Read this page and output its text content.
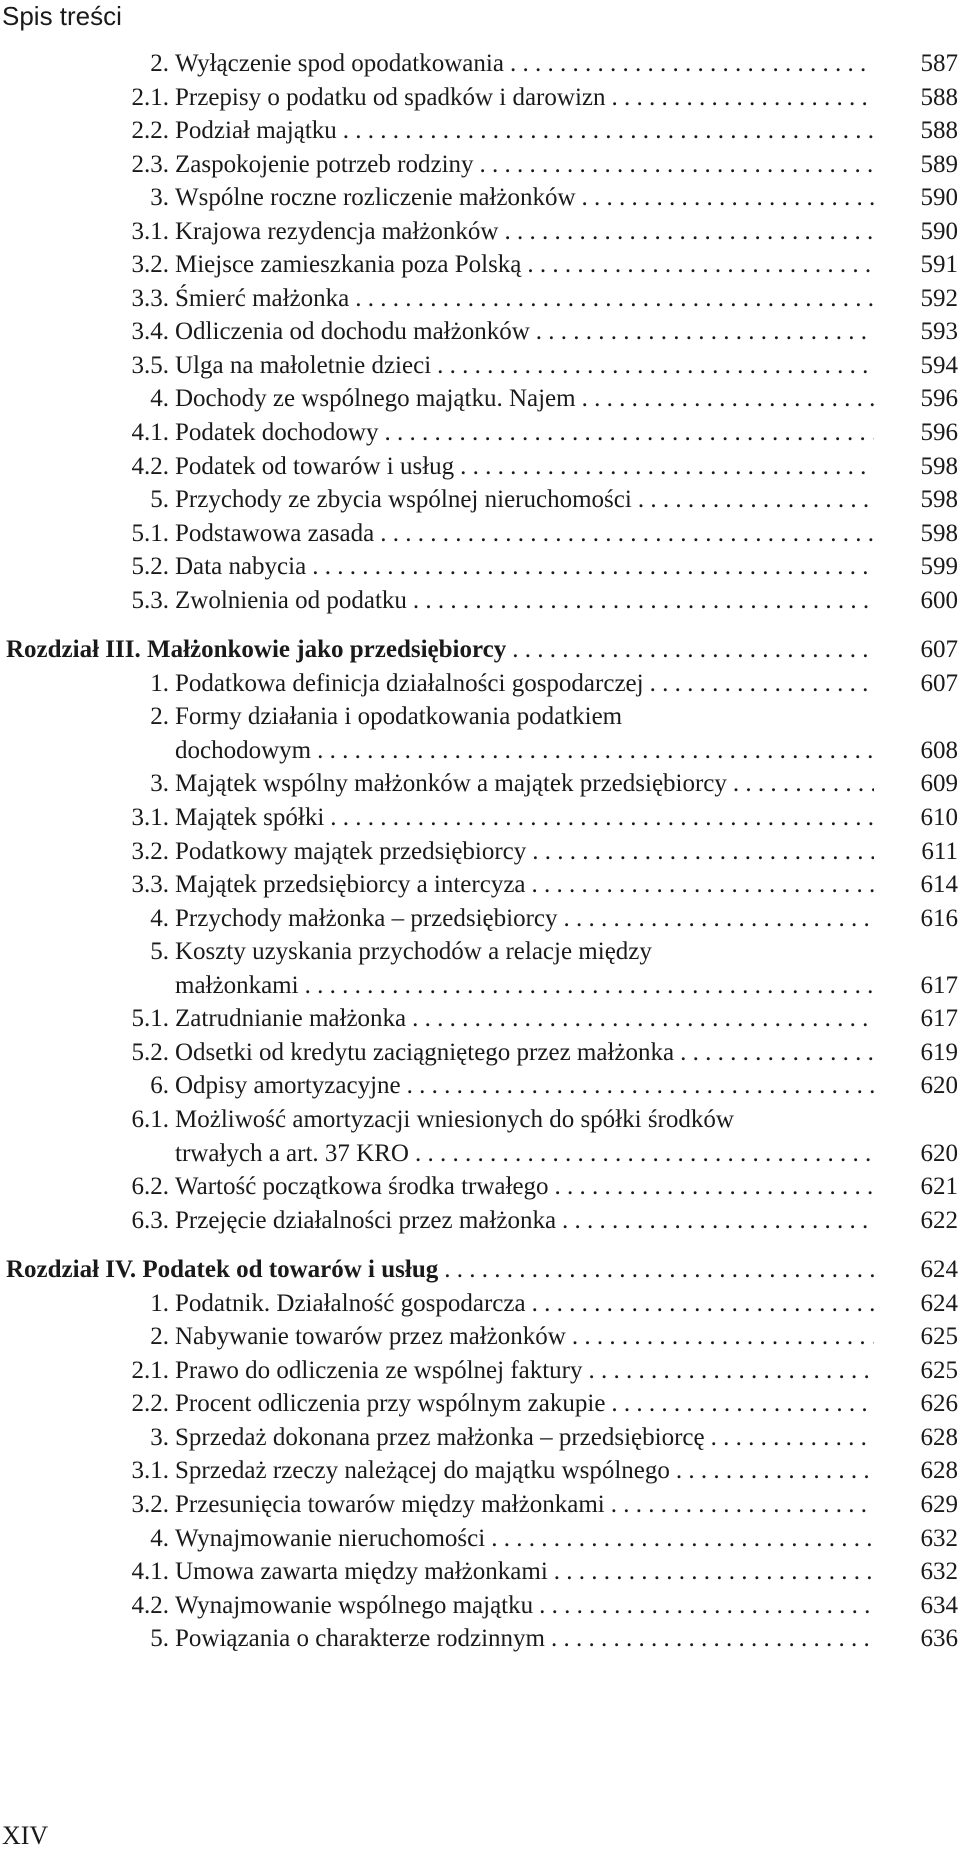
Spis treści
2. Wyłączenie spod opodatkowania . . .	587
2.1. Przepisy o podatku od spadków i darowizn . . .	588
2.2. Podział majątku . . .	588
2.3. Zaspokojenie potrzeb rodziny . . .	589
3. Wspólne roczne rozliczenie małżonków . . .	590
3.1. Krajowa rezydencja małżonków . . .	590
3.2. Miejsce zamieszkania poza Polską . . .	591
3.3. Śmierć małżonka . . .	592
3.4. Odliczenia od dochodu małżonków . . .	593
3.5. Ulga na małoletnie dzieci . . .	594
4. Dochody ze wspólnego majątku. Najem . . .	596
4.1. Podatek dochodowy . . .	596
4.2. Podatek od towarów i usług . . .	598
5. Przychody ze zbycia wspólnej nieruchomości . . .	598
5.1. Podstawowa zasada . . .	598
5.2. Data nabycia . . .	599
5.3. Zwolnienia od podatku . . .	600
Rozdział III. Małżonkowie jako przedsiębiorcy . . .	607
1. Podatkowa definicja działalności gospodarczej . . .	607
2. Formy działania i opodatkowania podatkiem
dochodowym . . .	608
3. Majątek wspólny małżonków a majątek przedsiębiorcy . . .	609
3.1. Majątek spółki . . .	610
3.2. Podatkowy majątek przedsiębiorcy . . .	611
3.3. Majątek przedsiębiorcy a intercyza . . .	614
4. Przychody małżonka – przedsiębiorcy . . .	616
5. Koszty uzyskania przychodów a relacje między
małżonkami . . .	617
5.1. Zatrudnianie małżonka . . .	617
5.2. Odsetki od kredytu zaciągniętego przez małżonka . . .	619
6. Odpisy amortyzacyjne . . .	620
6.1. Możliwość amortyzacji wniesionych do spółki środków
trwałych a art. 37 KRO . . .	620
6.2. Wartość początkowa środka trwałego . . .	621
6.3. Przejęcie działalności przez małżonka . . .	622
Rozdział IV. Podatek od towarów i usług . . .	624
1. Podatnik. Działalność gospodarcza . . .	624
2. Nabywanie towarów przez małżonków . . .	625
2.1. Prawo do odliczenia ze wspólnej faktury . . .	625
2.2. Procent odliczenia przy wspólnym zakupie . . .	626
3. Sprzedaż dokonana przez małżonka – przedsiębiorcę . . .	628
3.1. Sprzedaż rzeczy należącej do majątku wspólnego . . .	628
3.2. Przesunięcia towarów między małżonkami . . .	629
4. Wynajmowanie nieruchomości . . .	632
4.1. Umowa zawarta między małżonkami . . .	632
4.2. Wynajmowanie wspólnego majątku . . .	634
5. Powiązania o charakterze rodzinnym . . .	636
XIV
